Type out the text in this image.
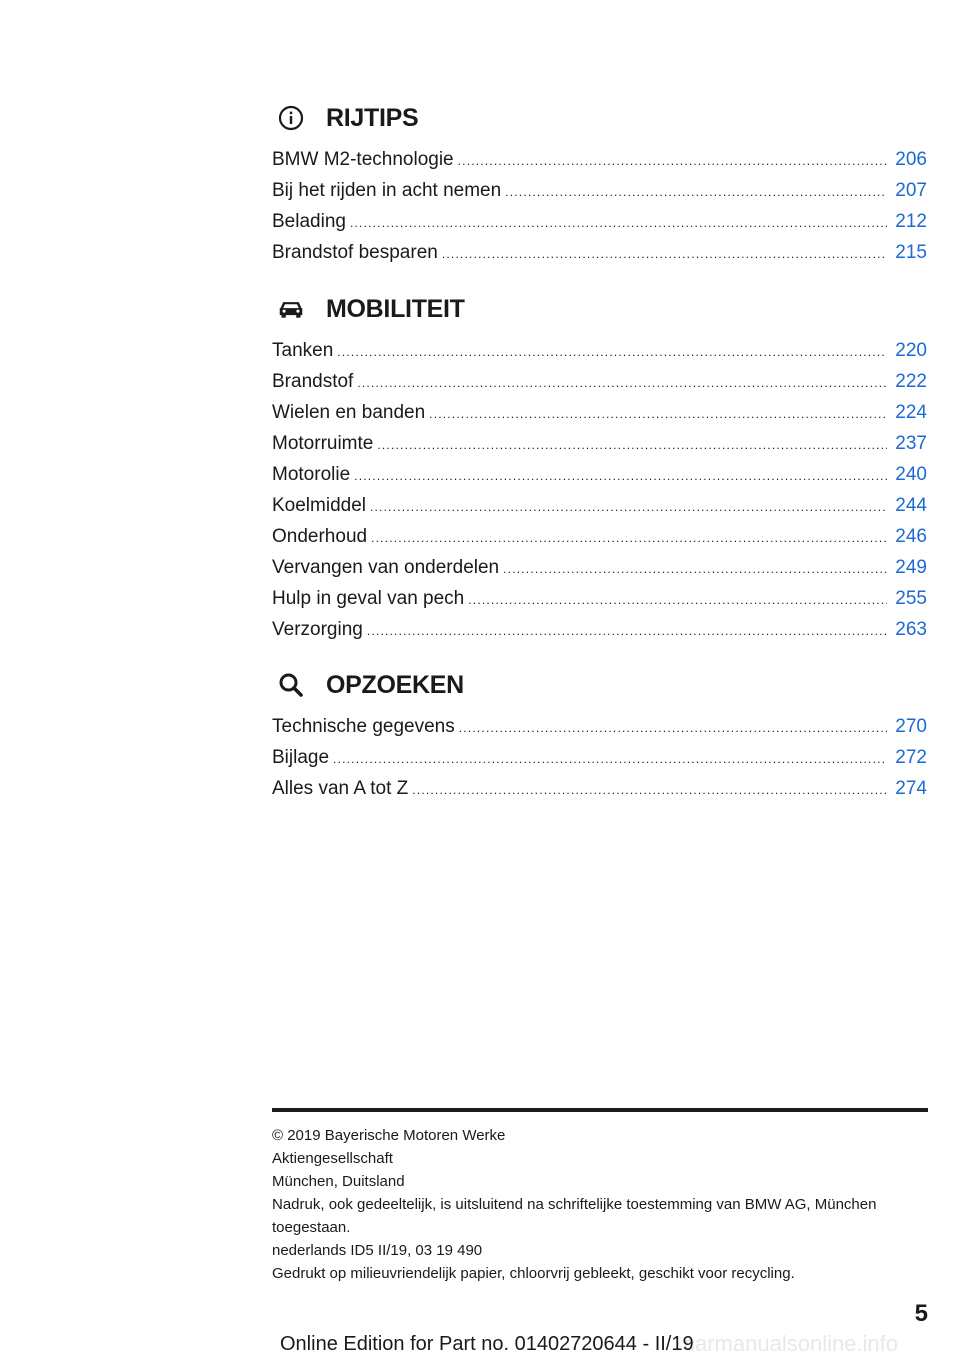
RIJTIPS
BMW M2-technologie .....	206
Bij het rijden in acht nemen .....	207
Belading .....	212
Brandstof besparen .....	215
MOBILITEIT
Tanken .....	220
Brandstof .....	222
Wielen en banden .....	224
Motorruimte .....	237
Motorolie .....	240
Koelmiddel .....	244
Onderhoud .....	246
Vervangen van onderdelen .....	249
Hulp in geval van pech .....	255
Verzorging .....	263
OPZOEKEN
Technische gegevens .....	270
Bijlage .....	272
Alles van A tot Z .....	274

© 2019 Bayerische Motoren Werke

Aktiengesellschaft

München, Duitsland

Nadruk, ook gedeeltelijk, is uitsluitend na schriftelijke toestemming van BMW AG, München toegestaan.

nederlands ID5 II/19, 03 19 490

Gedrukt op milieuvriendelijk papier, chloorvrij gebleekt, geschikt voor recycling.

5
carmanualsonline.info
Online Edition for Part no. 01402720644 - II/19
